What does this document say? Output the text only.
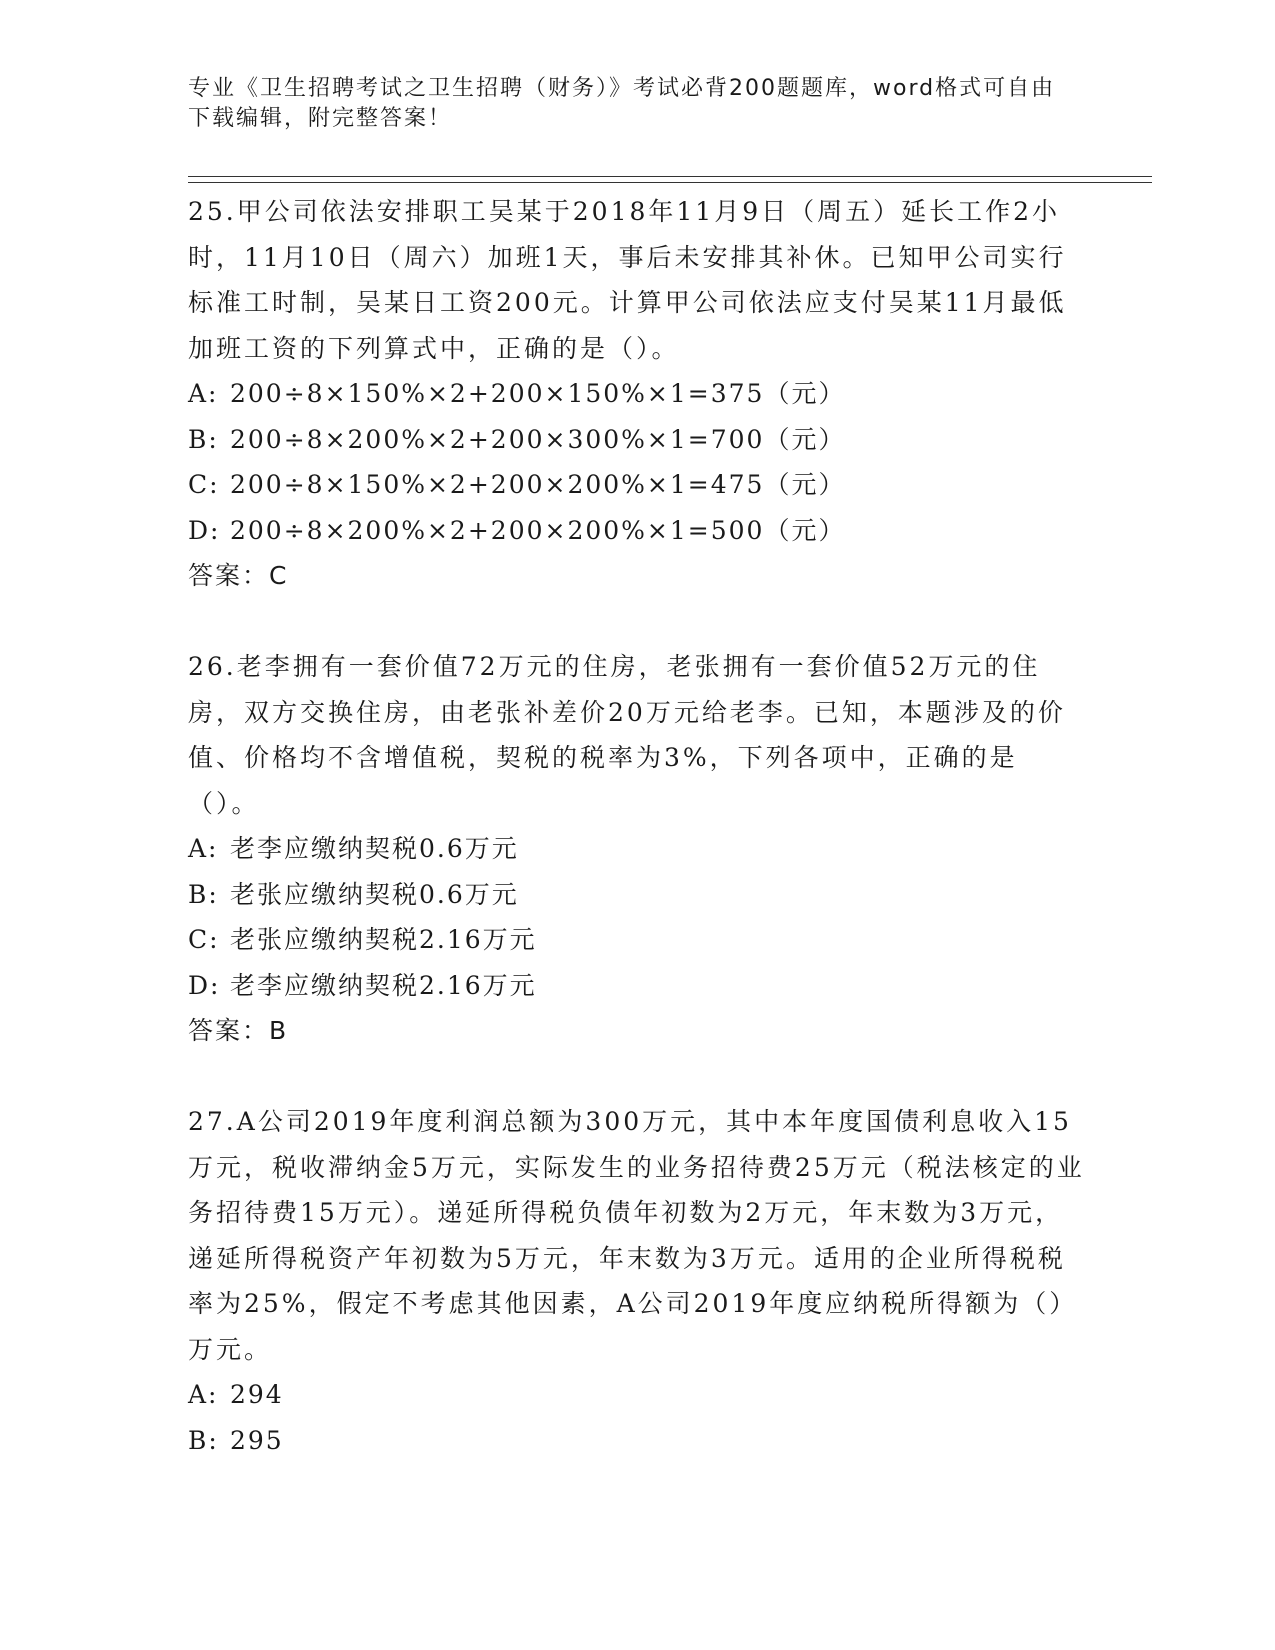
专业《卫生招聘考试之卫生招聘（财务）》考试必背200题题库，word格式可自由下载编辑，附完整答案！

25.甲公司依法安排职工吴某于2018年11月9日（周五）延长工作2小时，11月10日（周六）加班1天，事后未安排其补休。已知甲公司实行标准工时制，吴某日工资200元。计算甲公司依法应支付吴某11月最低加班工资的下列算式中，正确的是（）。

A: 200÷8×150%×2+200×150%×1=375（元）

B: 200÷8×200%×2+200×300%×1=700（元）

C: 200÷8×150%×2+200×200%×1=475（元）

D: 200÷8×200%×2+200×200%×1=500（元）

答案：C

26.老李拥有一套价值72万元的住房，老张拥有一套价值52万元的住房，双方交换住房，由老张补差价20万元给老李。已知，本题涉及的价值、价格均不含增值税，契税的税率为3%，下列各项中，正确的是（）。

A: 老李应缴纳契税0.6万元

B: 老张应缴纳契税0.6万元

C: 老张应缴纳契税2.16万元

D: 老李应缴纳契税2.16万元

答案：B

27.A公司2019年度利润总额为300万元，其中本年度国债利息收入15万元，税收滞纳金5万元，实际发生的业务招待费25万元（税法核定的业务招待费15万元）。递延所得税负债年初数为2万元，年末数为3万元，递延所得税资产年初数为5万元，年末数为3万元。适用的企业所得税税率为25%，假定不考虑其他因素，A公司2019年度应纳税所得额为（）万元。

A: 294

B: 295
